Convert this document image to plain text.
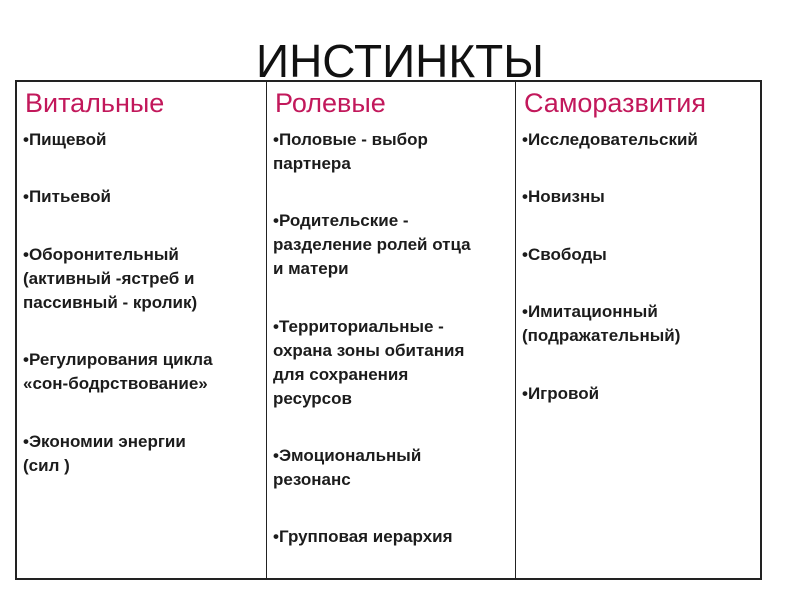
ИНСТИНКТЫ
Витальные
•Пищевой
•Питьевой
•Оборонительный
(активный -ястреб и
пассивный - кролик)
•Регулирования цикла
«сон-бодрствование»
•Экономии энергии
(сил )
Ролевые
•Половые - выбор
партнера
•Родительские -
разделение ролей отца
и матери
•Территориальные -
охрана зоны обитания
для сохранения
ресурсов
•Эмоциональный
резонанс
•Групповая иерархия
Саморазвития
•Исследовательский
•Новизны
•Свободы
•Имитационный
(подражательный)
•Игровой
